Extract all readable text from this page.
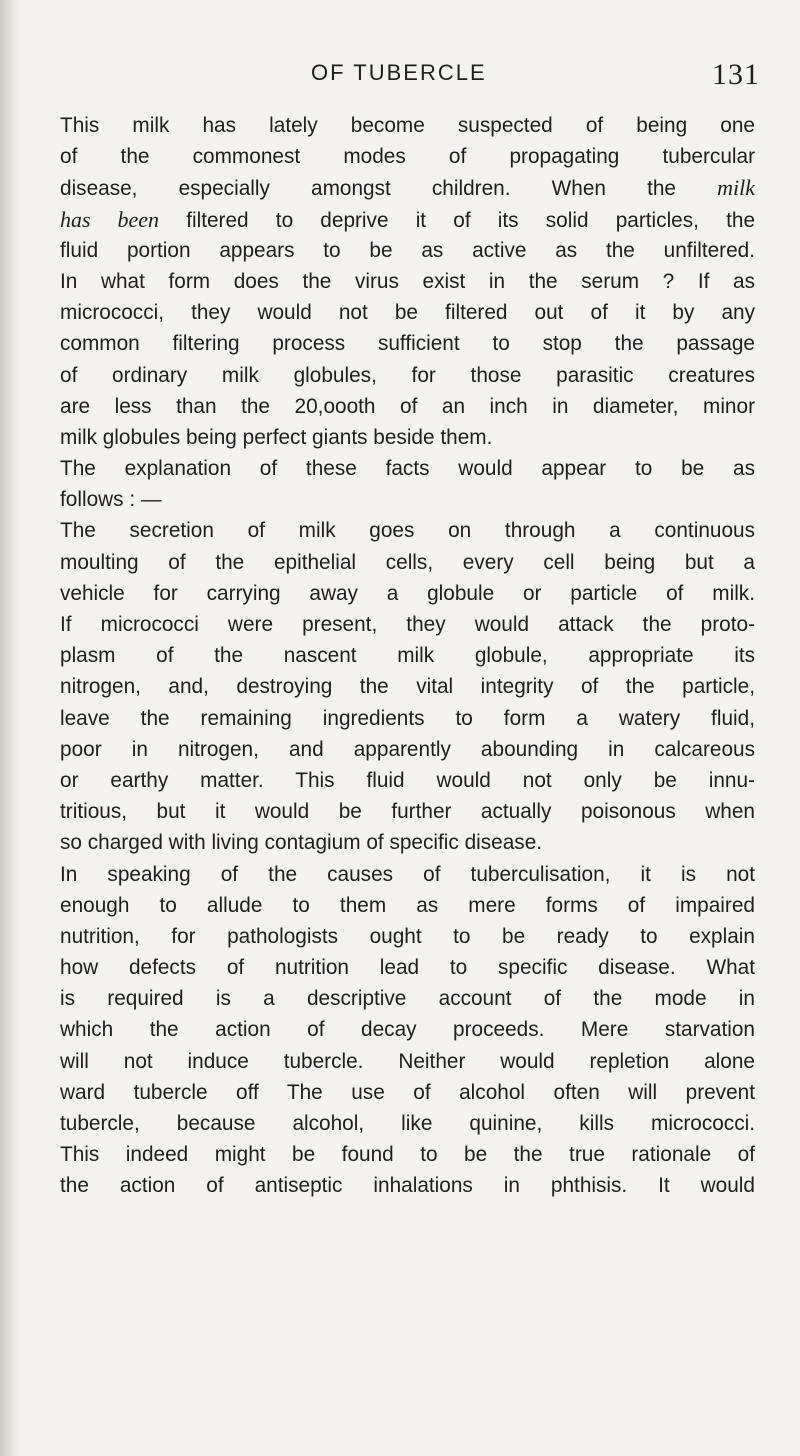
OF TUBERCLE	131
This milk has lately become suspected of being one
of the commonest modes of propagating tubercular
disease, especially amongst children. When the milk
has been filtered to deprive it of its solid particles, the
fluid portion appears to be as active as the unfiltered.
In what form does the virus exist in the serum ? If as
micrococci, they would not be filtered out of it by any
common filtering process sufficient to stop the passage
of ordinary milk globules, for those parasitic creatures
are less than the 20,oooth of an inch in diameter, minor
milk globules being perfect giants beside them.
The explanation of these facts would appear to be as
follows : —
The secretion of milk goes on through a continuous
moulting of the epithelial cells, every cell being but a
vehicle for carrying away a globule or particle of milk.
If micrococci were present, they would attack the proto-
plasm of the nascent milk globule, appropriate its
nitrogen, and, destroying the vital integrity of the particle,
leave the remaining ingredients to form a watery fluid,
poor in nitrogen, and apparently abounding in calcareous
or earthy matter. This fluid would not only be innu-
tritious, but it would be further actually poisonous when
so charged with living contagium of specific disease.
In speaking of the causes of tuberculisation, it is not
enough to allude to them as mere forms of impaired
nutrition, for pathologists ought to be ready to explain
how defects of nutrition lead to specific disease. What
is required is a descriptive account of the mode in
which the action of decay proceeds. Mere starvation
will not induce tubercle. Neither would repletion alone
ward tubercle off The use of alcohol often will prevent
tubercle, because alcohol, like quinine, kills micrococci.
This indeed might be found to be the true rationale of
the action of antiseptic inhalations in phthisis. It would
